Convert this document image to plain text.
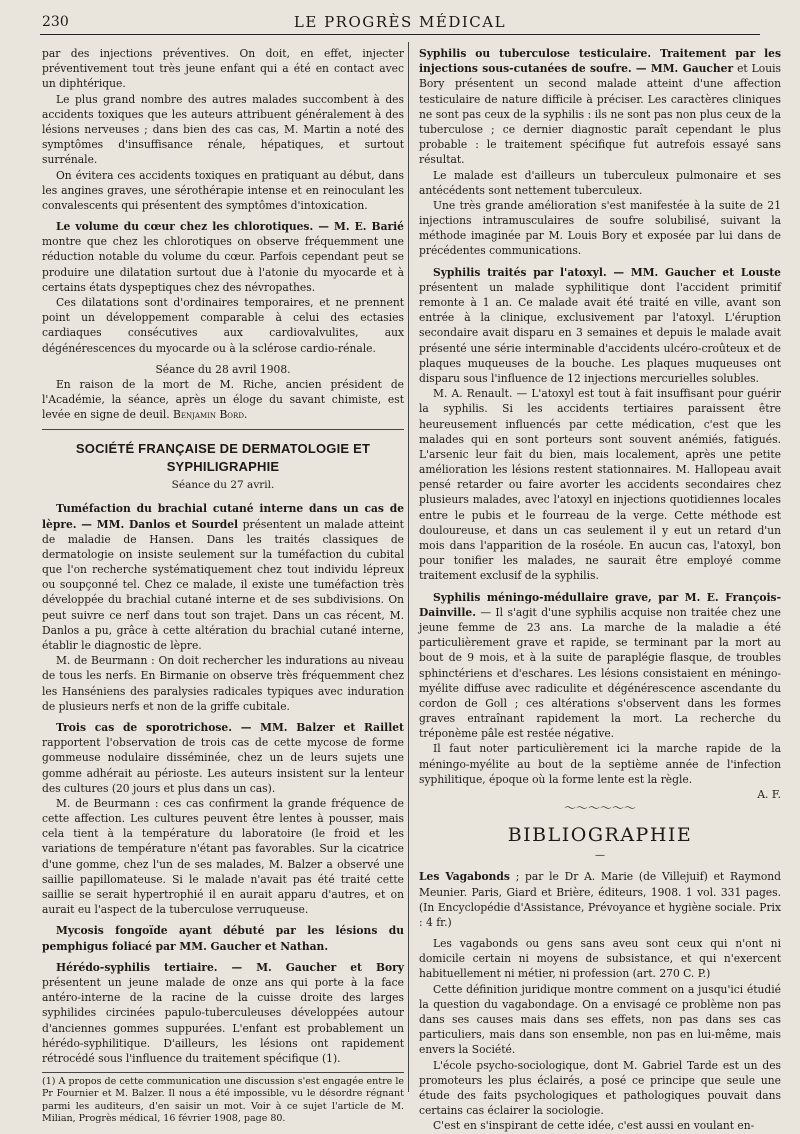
230	LE PROGRÈS MÉDICAL

par des injections préventives. On doit, en effet, injecter préventivement tout très jeune enfant qui a été en contact avec un diphtérique.

Le plus grand nombre des autres malades succombent à des accidents toxiques que les auteurs attribuent généralement à des lésions nerveuses ; dans bien des cas cas, M. Martin a noté des symptômes d'insuffisance rénale, hépatiques, et surtout surrénale.

On évitera ces accidents toxiques en pratiquant au début, dans les angines graves, une sérothérapie intense et en reinoculant les convalescents qui présentent des symptômes d'intoxication.

Le volume du cœur chez les chlorotiques. — M. E. Barié montre que chez les chlorotiques on observe fréquemment une réduction notable du volume du cœur. Parfois cependant peut se produire une dilatation surtout due à l'atonie du myocarde et à certains états dyspeptiques chez des névropathes.

Ces dilatations sont d'ordinaires temporaires, et ne prennent point un développement comparable à celui des ectasies cardiaques consécutives aux cardiovalvulites, aux dégénérescences du myocarde ou à la sclérose cardio-rénale.

Séance du 28 avril 1908.

En raison de la mort de M. Riche, ancien président de l'Académie, la séance, après un éloge du savant chimiste, est levée en signe de deuil. Benjamin Bord.

SOCIÉTÉ FRANÇAISE DE DERMATOLOGIE ET SYPHILIGRAPHIE
Séance du 27 avril.

Tuméfaction du brachial cutané interne dans un cas de lèpre. — MM. Danlos et Sourdel présentent un malade atteint de maladie de Hansen. Dans les traités classiques de dermatologie on insiste seulement sur la tuméfaction du cubital que l'on recherche systématiquement chez tout individu lépreux ou soupçonné tel. Chez ce malade, il existe une tuméfaction très développée du brachial cutané interne et de ses subdivisions. On peut suivre ce nerf dans tout son trajet. Dans un cas récent, M. Danlos a pu, grâce à cette altération du brachial cutané interne, établir le diagnostic de lèpre.

M. de Beurmann : On doit rechercher les indurations au niveau de tous les nerfs. En Birmanie on observe très fréquemment chez les Hanséniens des paralysies radicales typiques avec induration de plusieurs nerfs et non de la griffe cubitale.

Trois cas de sporotrichose. — MM. Balzer et Raillet rapportent l'observation de trois cas de cette mycose de forme gommeuse nodulaire disséminée, chez un de leurs sujets une gomme adhérait au périoste. Les auteurs insistent sur la lenteur des cultures (20 jours et plus dans un cas).

M. de Beurmann : ces cas confirment la grande fréquence de cette affection. Les cultures peuvent être lentes à pousser, mais cela tient à la température du laboratoire (le froid et les variations de température n'étant pas favorables. Sur la cicatrice d'une gomme, chez l'un de ses malades, M. Balzer a observé une saillie papillomateuse. Si le malade n'avait pas été traité cette saillie se serait hypertrophié il en aurait apparu d'autres, et on aurait eu l'aspect de la tuberculose verruqueuse.

Mycosis fongoïde ayant débuté par les lésions du pemphigus foliacé par MM. Gaucher et Nathan.

Hérédo-syphilis tertiaire. — M. Gaucher et Bory présentent un jeune malade de onze ans qui porte à la face antéro-interne de la racine de la cuisse droite des larges syphilides circinées papulo-tuberculeuses développées autour d'anciennes gommes suppurées. L'enfant est probablement un hérédo-syphilitique. D'ailleurs, les lésions ont rapidement rétrocédé sous l'influence du traitement spécifique (1).

(1) A propos de cette communication une discussion s'est engagée entre le Pr Fournier et M. Balzer. Il nous a été impossible, vu le désordre régnant parmi les auditeurs, d'en saisir un mot. Voir à ce sujet l'article de M. Milian, Progrès médical, 16 février 1908, page 80.

Syphilis ou tuberculose testiculaire. Traitement par les injections sous-cutanées de soufre. — MM. Gaucher et Louis Bory présentent un second malade atteint d'une affection testiculaire de nature difficile à préciser. Les caractères cliniques ne sont pas ceux de la syphilis : ils ne sont pas non plus ceux de la tuberculose ; ce dernier diagnostic paraît cependant le plus probable : le traitement spécifique fut autrefois essayé sans résultat.

Le malade est d'ailleurs un tuberculeux pulmonaire et ses antécédents sont nettement tuberculeux.

Une très grande amélioration s'est manifestée à la suite de 21 injections intramusculaires de soufre solubilisé, suivant la méthode imaginée par M. Louis Bory et exposée par lui dans de précédentes communications.

Syphilis traités par l'atoxyl. — MM. Gaucher et Louste présentent un malade syphilitique dont l'accident primitif remonte à 1 an. Ce malade avait été traité en ville, avant son entrée à la clinique, exclusivement par l'atoxyl. L'éruption secondaire avait disparu en 3 semaines et depuis le malade avait présenté une série interminable d'accidents ulcéro-croûteux et de plaques muqueuses de la bouche. Les plaques muqueuses ont disparu sous l'influence de 12 injections mercurielles solubles.

M. A. Renault. — L'atoxyl est tout à fait insuffisant pour guérir la syphilis. Si les accidents tertiaires paraissent être heureusement influencés par cette médication, c'est que les malades qui en sont porteurs sont souvent anémiés, fatigués. L'arsenic leur fait du bien, mais localement, après une petite amélioration les lésions restent stationnaires. M. Hallopeau avait pensé retarder ou faire avorter les accidents secondaires chez plusieurs malades, avec l'atoxyl en injections quotidiennes locales entre le pubis et le fourreau de la verge. Cette méthode est douloureuse, et dans un cas seulement il y eut un retard d'un mois dans l'apparition de la roséole. En aucun cas, l'atoxyl, bon pour tonifier les malades, ne saurait être employé comme traitement exclusif de la syphilis.

Syphilis méningo-médullaire grave, par M. E. François-Dainville. — Il s'agit d'une syphilis acquise non traitée chez une jeune femme de 23 ans. La marche de la maladie a été particulièrement grave et rapide, se terminant par la mort au bout de 9 mois, et à la suite de paraplégie flasque, de troubles sphinctériens et d'eschares. Les lésions consistaient en méningo-myélite diffuse avec radiculite et dégénérescence ascendante du cordon de Goll ; ces altérations s'observent dans les formes graves entraînant rapidement la mort. La recherche du tréponème pâle est restée négative.

Il faut noter particulièrement ici la marche rapide de la méningo-myélite au bout de la septième année de l'infection syphilitique, époque où la forme lente est la règle.

A. F.

〜〜〜〜〜〜
BIBLIOGRAPHIE
—

Les Vagabonds ; par le Dr A. Marie (de Villejuif) et Raymond Meunier. Paris, Giard et Brière, éditeurs, 1908. 1 vol. 331 pages. (In Encyclopédie d'Assistance, Prévoyance et hygiène sociale. Prix : 4 fr.)

Les vagabonds ou gens sans aveu sont ceux qui n'ont ni domicile certain ni moyens de subsistance, et qui n'exercent habituellement ni métier, ni profession (art. 270 C. P.)

Cette définition juridique montre comment on a jusqu'ici étudié la question du vagabondage. On a envisagé ce problème non pas dans ses causes mais dans ses effets, non pas dans ses cas particuliers, mais dans son ensemble, non pas en lui-même, mais envers la Société.

L'école psycho-sociologique, dont M. Gabriel Tarde est un des promoteurs les plus éclairés, a posé ce principe que seule une étude des faits psychologiques et pathologiques pouvait dans certains cas éclairer la sociologie.

C'est en s'inspirant de cette idée, c'est aussi en voulant en-
